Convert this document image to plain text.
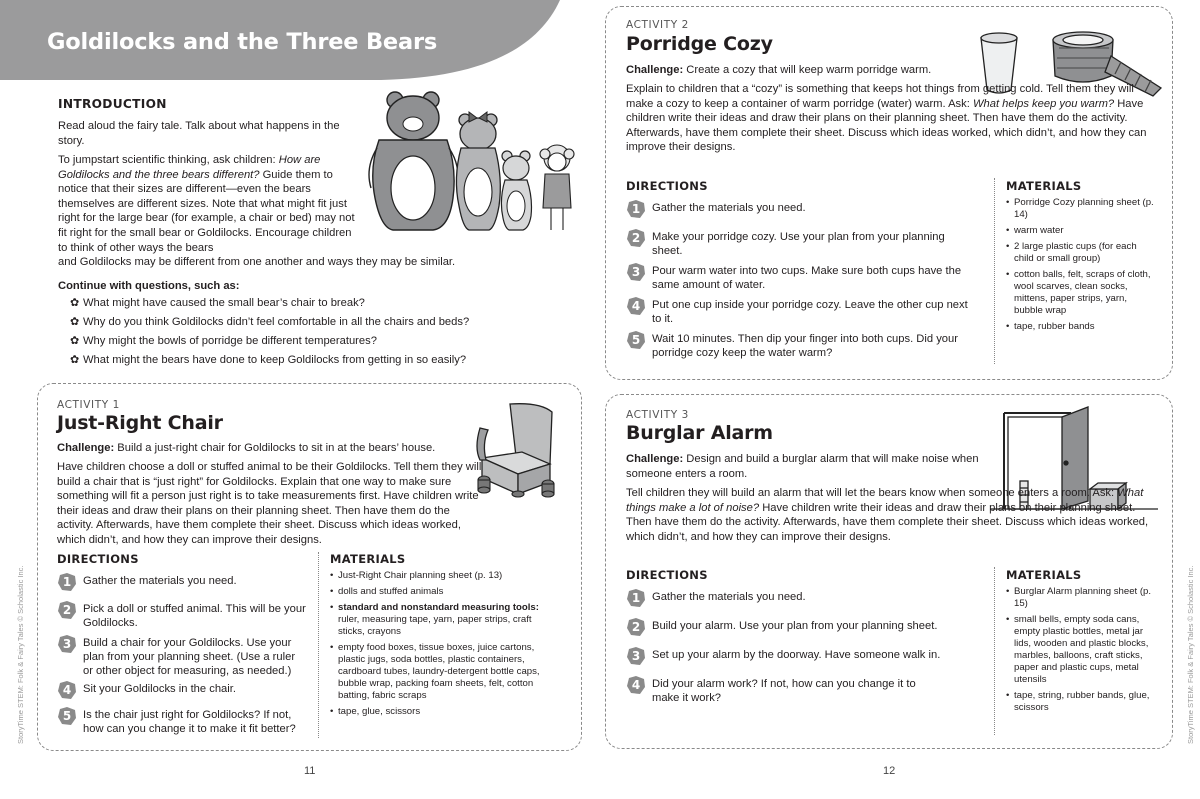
Goldilocks and the Three Bears
INTRODUCTION
Read aloud the fairy tale. Talk about what happens in the story.
To jumpstart scientific thinking, ask children: How are Goldilocks and the three bears different? Guide them to notice that their sizes are different—even the bears themselves are different sizes. Note that what might fit just right for the large bear (for example, a chair or bed) may not fit right for the small bear or Goldilocks. Encourage children to think of other ways the bears
and Goldilocks may be different from one another and ways they may be similar.
Continue with questions, such as:
✿ What might have caused the small bear’s chair to break?
✿ Why do you think Goldilocks didn’t feel comfortable in all the chairs and beds?
✿ Why might the bowls of porridge be different temperatures?
✿ What might the bears have done to keep Goldilocks from getting in so easily?
ACTIVITY 1
Just-Right Chair
Challenge: Build a just-right chair for Goldilocks to sit in at the bears’ house.
Have children choose a doll or stuffed animal to be their Goldilocks. Tell them they will build a chair that is “just right” for Goldilocks. Explain that one way to make sure something will fit a person just right is to take measurements first. Have children write their ideas and draw their plans on their planning sheet. Then have them do the activity. Afterwards, have them complete their sheet. Discuss which ideas worked, which didn’t, and how they can improve their designs.
DIRECTIONS
1	Gather the materials you need.
2	Pick a doll or stuffed animal. This will be your Goldilocks.
3	Build a chair for your Goldilocks. Use your plan from your planning sheet. (Use a ruler or other object for measuring, as needed.)
4	Sit your Goldilocks in the chair.
5	Is the chair just right for Goldilocks? If not, how can you change it to make it fit better?
MATERIALS
• Just-Right Chair planning sheet (p. 13)
• dolls and stuffed animals
• standard and nonstandard measuring tools: ruler, measuring tape, yarn, paper strips, craft sticks, crayons
• empty food boxes, tissue boxes, juice cartons, plastic jugs, soda bottles, plastic containers, cardboard tubes, laundry-detergent bottle caps, bubble wrap, packing foam sheets, felt, cotton batting, fabric scraps
• tape, glue, scissors
ACTIVITY 2
Porridge Cozy
Challenge: Create a cozy that will keep warm porridge warm.
Explain to children that a “cozy” is something that keeps hot things from getting cold. Tell them they will make a cozy to keep a container of warm porridge (water) warm. Ask: What helps keep you warm? Have children write their ideas and draw their plans on their planning sheet. Then have them do the activity. Afterwards, have them complete their sheet. Discuss which ideas worked, which didn’t, and how they can improve their designs.
DIRECTIONS
1	Gather the materials you need.
2	Make your porridge cozy. Use your plan from your planning sheet.
3	Pour warm water into two cups. Make sure both cups have the same amount of water.
4	Put one cup inside your porridge cozy. Leave the other cup next to it.
5	Wait 10 minutes. Then dip your finger into both cups. Did your porridge cozy keep the water warm?
MATERIALS
• Porridge Cozy planning sheet (p. 14)
• warm water
• 2 large plastic cups (for each child or small group)
• cotton balls, felt, scraps of cloth, wool scarves, clean socks, mittens, paper strips, yarn, bubble wrap
• tape, rubber bands
ACTIVITY 3
Burglar Alarm
Challenge: Design and build a burglar alarm that will make noise when someone enters a room.
Tell children they will build an alarm that will let the bears know when someone enters a room. Ask: What things make a lot of noise? Have children write their ideas and draw their plans on their planning sheet. Then have them do the activity. Afterwards, have them complete their sheet. Discuss which ideas worked, which didn’t, and how they can improve their designs.
DIRECTIONS
1	Gather the materials you need.
2	Build your alarm. Use your plan from your planning sheet.
3	Set up your alarm by the doorway. Have someone walk in.
4	Did your alarm work? If not, how can you change it to make it work?
MATERIALS
• Burglar Alarm planning sheet (p. 15)
• small bells, empty soda cans, empty plastic bottles, metal jar lids, wooden and plastic blocks, marbles, balloons, craft sticks, paper and plastic cups, metal utensils
• tape, string, rubber bands, glue, scissors
11	12
StoryTime STEM: Folk & Fairy Tales © Scholastic Inc.	StoryTime STEM: Folk & Fairy Tales © Scholastic Inc.
